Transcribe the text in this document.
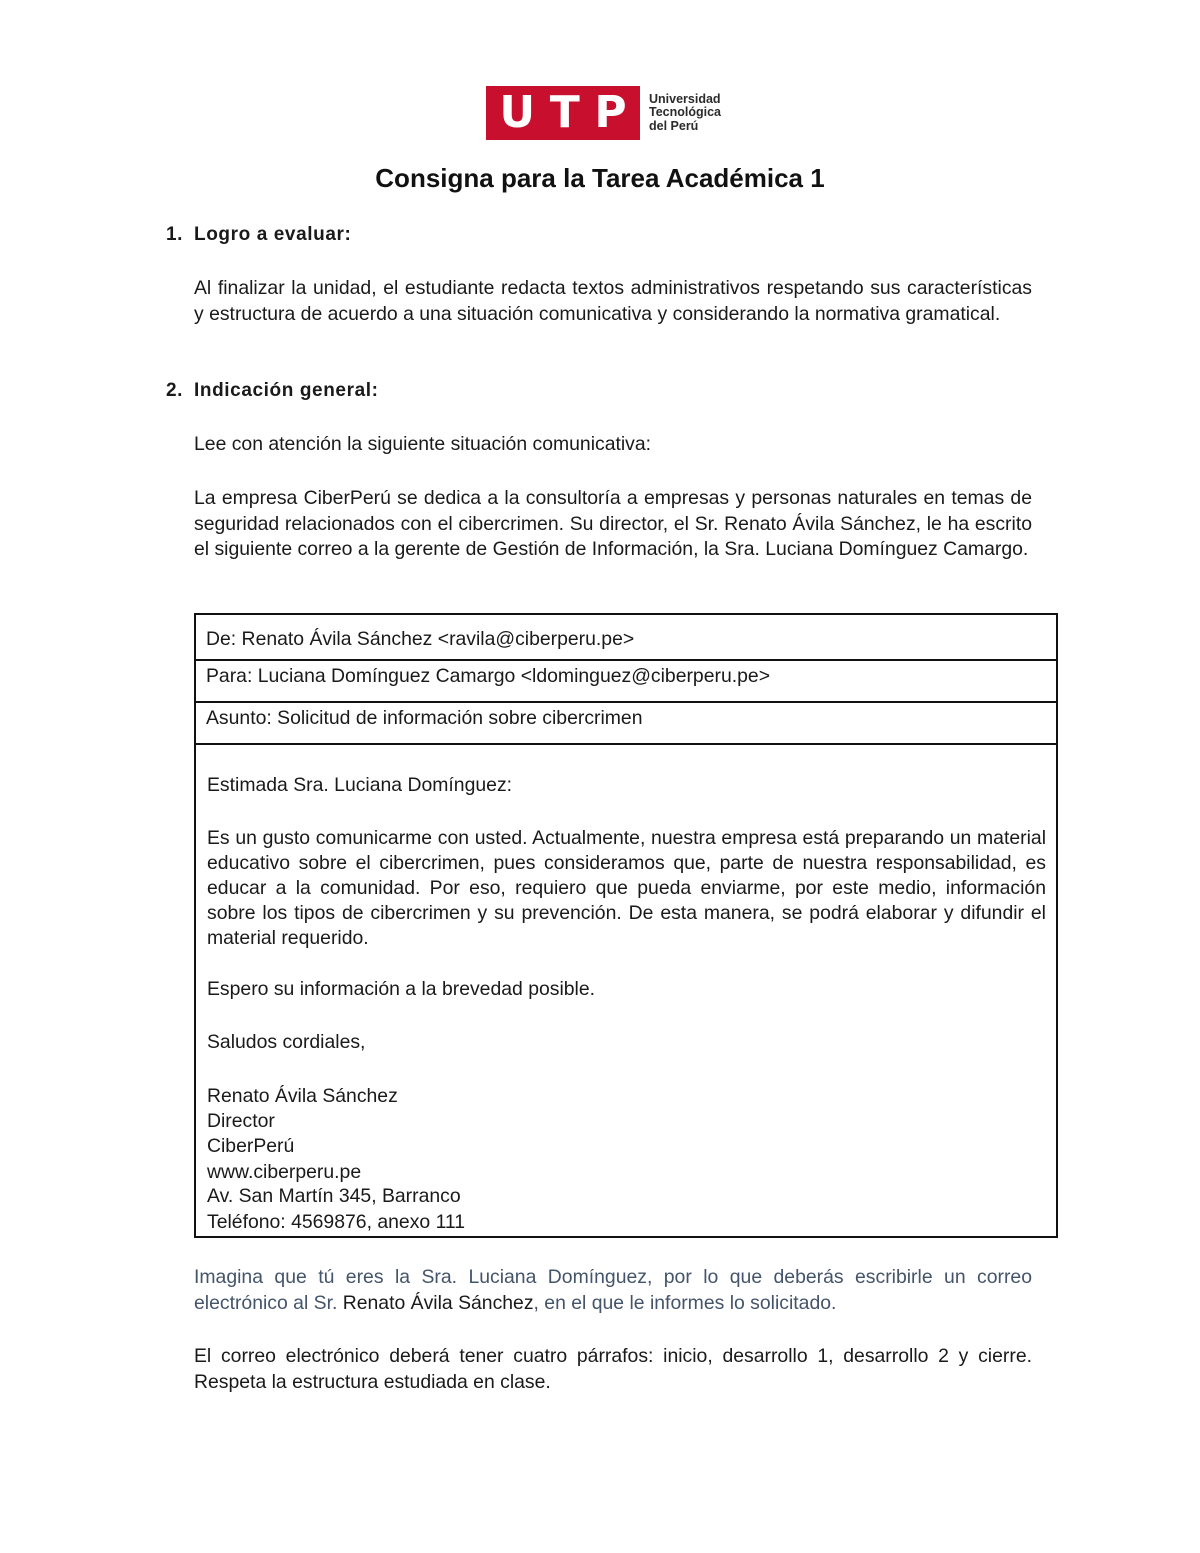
U T P Universidad
Tecnológica
del Perú
Consigna para la Tarea Académica 1
1. Logro a evaluar:
Al finalizar la unidad, el estudiante redacta textos administrativos respetando sus características y estructura de acuerdo a una situación comunicativa y considerando la normativa gramatical.
2. Indicación general:
Lee con atención la siguiente situación comunicativa:
La empresa CiberPerú se dedica a la consultoría a empresas y personas naturales en temas de seguridad relacionados con el cibercrimen. Su director, el Sr. Renato Ávila Sánchez, le ha escrito el siguiente correo a la gerente de Gestión de Información, la Sra. Luciana Domínguez Camargo.
De: Renato Ávila Sánchez <ravila@ciberperu.pe>
Para: Luciana Domínguez Camargo <ldominguez@ciberperu.pe>
Asunto: Solicitud de información sobre cibercrimen
Estimada Sra. Luciana Domínguez:
Es un gusto comunicarme con usted. Actualmente, nuestra empresa está preparando un material educativo sobre el cibercrimen, pues consideramos que, parte de nuestra responsabilidad, es educar a la comunidad. Por eso, requiero que pueda enviarme, por este medio, información sobre los tipos de cibercrimen y su prevención. De esta manera, se podrá elaborar y difundir el material requerido.
Espero su información a la brevedad posible.
Saludos cordiales,
Renato Ávila Sánchez
Director
CiberPerú
www.ciberperu.pe
Av. San Martín 345, Barranco
Teléfono: 4569876, anexo 111
Imagina que tú eres la Sra. Luciana Domínguez, por lo que deberás escribirle un correo electrónico al Sr. Renato Ávila Sánchez, en el que le informes lo solicitado.
El correo electrónico deberá tener cuatro párrafos: inicio, desarrollo 1, desarrollo 2 y cierre. Respeta la estructura estudiada en clase.
